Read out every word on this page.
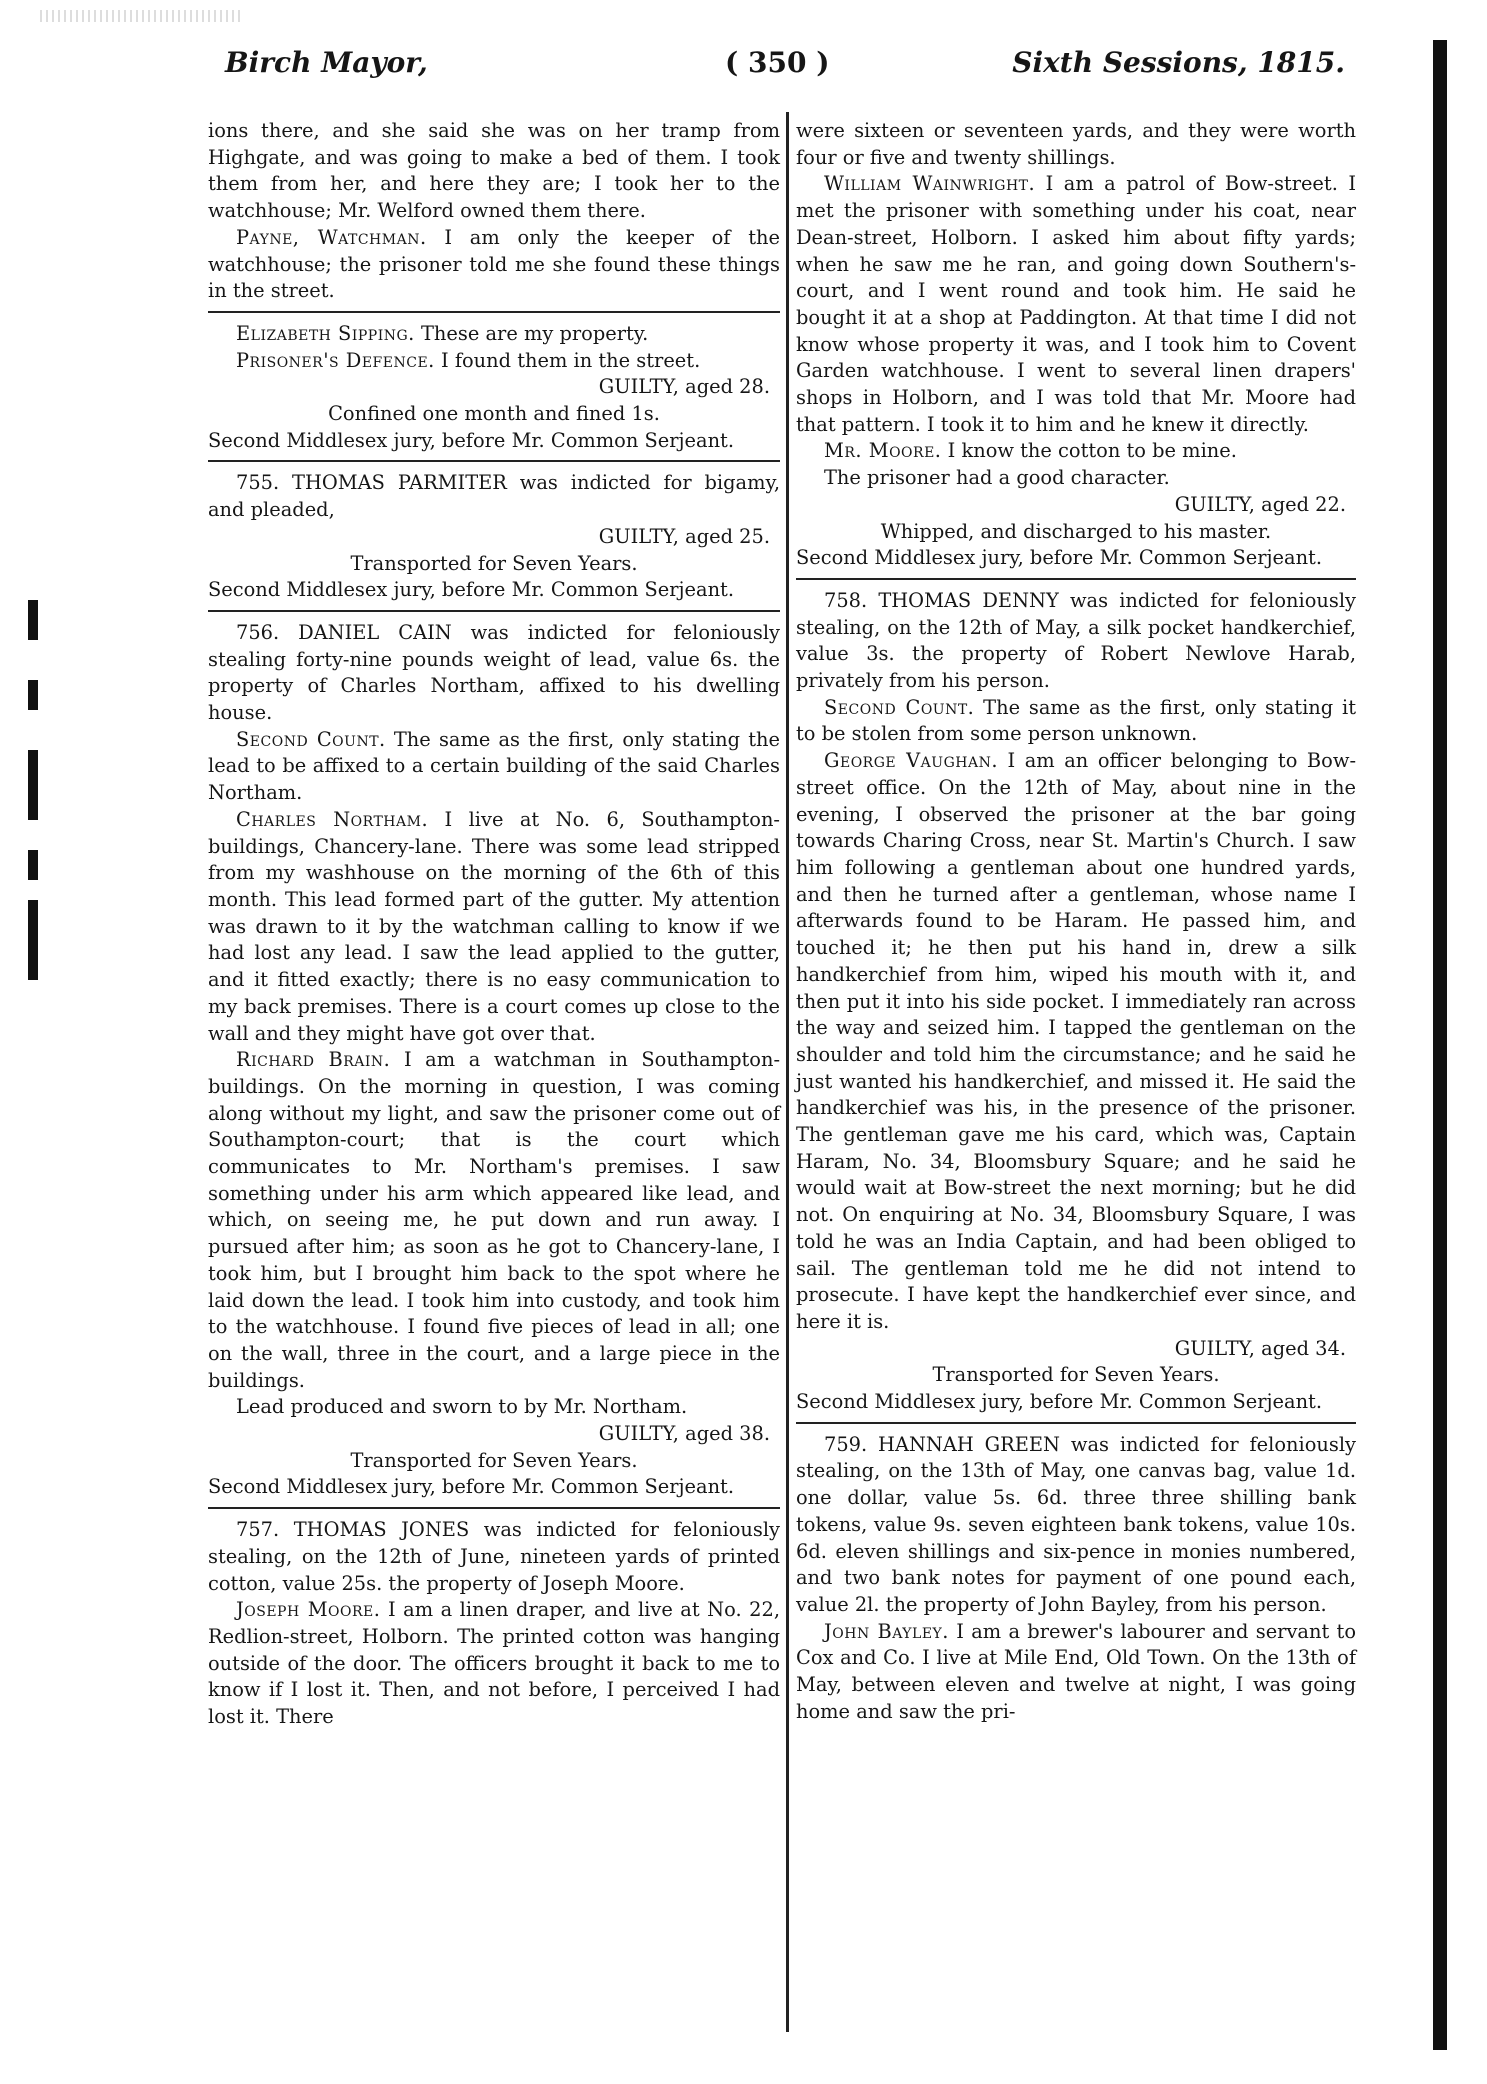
Birch Mayor,	( 350 )	Sixth Sessions, 1815.

ions there, and she said she was on her tramp from Highgate, and was going to make a bed of them. I took them from her, and here they are; I took her to the watchhouse; Mr. Welford owned them there.

Payne, Watchman. I am only the keeper of the watchhouse; the prisoner told me she found these things in the street.

Elizabeth Sipping. These are my property.

Prisoner's Defence. I found them in the street.

GUILTY, aged 28.

Confined one month and fined 1s.

Second Middlesex jury, before Mr. Common Serjeant.

755. THOMAS PARMITER was indicted for bigamy, and pleaded,

GUILTY, aged 25.

Transported for Seven Years.

Second Middlesex jury, before Mr. Common Serjeant.

756. DANIEL CAIN was indicted for feloniously stealing forty-nine pounds weight of lead, value 6s. the property of Charles Northam, affixed to his dwelling house.

Second Count. The same as the first, only stating the lead to be affixed to a certain building of the said Charles Northam.

Charles Northam. I live at No. 6, Southampton-buildings, Chancery-lane. There was some lead stripped from my washhouse on the morning of the 6th of this month. This lead formed part of the gutter. My attention was drawn to it by the watchman calling to know if we had lost any lead. I saw the lead applied to the gutter, and it fitted exactly; there is no easy communication to my back premises. There is a court comes up close to the wall and they might have got over that.

Richard Brain. I am a watchman in Southampton-buildings. On the morning in question, I was coming along without my light, and saw the prisoner come out of Southampton-court; that is the court which communicates to Mr. Northam's premises. I saw something under his arm which appeared like lead, and which, on seeing me, he put down and run away. I pursued after him; as soon as he got to Chancery-lane, I took him, but I brought him back to the spot where he laid down the lead. I took him into custody, and took him to the watchhouse. I found five pieces of lead in all; one on the wall, three in the court, and a large piece in the buildings.

Lead produced and sworn to by Mr. Northam.

GUILTY, aged 38.

Transported for Seven Years.

Second Middlesex jury, before Mr. Common Serjeant.

757. THOMAS JONES was indicted for feloniously stealing, on the 12th of June, nineteen yards of printed cotton, value 25s. the property of Joseph Moore.

Joseph Moore. I am a linen draper, and live at No. 22, Redlion-street, Holborn. The printed cotton was hanging outside of the door. The officers brought it back to me to know if I lost it. Then, and not before, I perceived I had lost it. There

were sixteen or seventeen yards, and they were worth four or five and twenty shillings.

William Wainwright. I am a patrol of Bow-street. I met the prisoner with something under his coat, near Dean-street, Holborn. I asked him about fifty yards; when he saw me he ran, and going down Southern's-court, and I went round and took him. He said he bought it at a shop at Paddington. At that time I did not know whose property it was, and I took him to Covent Garden watchhouse. I went to several linen drapers' shops in Holborn, and I was told that Mr. Moore had that pattern. I took it to him and he knew it directly.

Mr. Moore. I know the cotton to be mine.

The prisoner had a good character.

GUILTY, aged 22.

Whipped, and discharged to his master.

Second Middlesex jury, before Mr. Common Serjeant.

758. THOMAS DENNY was indicted for feloniously stealing, on the 12th of May, a silk pocket handkerchief, value 3s. the property of Robert Newlove Harab, privately from his person.

Second Count. The same as the first, only stating it to be stolen from some person unknown.

George Vaughan. I am an officer belonging to Bow-street office. On the 12th of May, about nine in the evening, I observed the prisoner at the bar going towards Charing Cross, near St. Martin's Church. I saw him following a gentleman about one hundred yards, and then he turned after a gentleman, whose name I afterwards found to be Haram. He passed him, and touched it; he then put his hand in, drew a silk handkerchief from him, wiped his mouth with it, and then put it into his side pocket. I immediately ran across the way and seized him. I tapped the gentleman on the shoulder and told him the circumstance; and he said he just wanted his handkerchief, and missed it. He said the handkerchief was his, in the presence of the prisoner. The gentleman gave me his card, which was, Captain Haram, No. 34, Bloomsbury Square; and he said he would wait at Bow-street the next morning; but he did not. On enquiring at No. 34, Bloomsbury Square, I was told he was an India Captain, and had been obliged to sail. The gentleman told me he did not intend to prosecute. I have kept the handkerchief ever since, and here it is.

GUILTY, aged 34.

Transported for Seven Years.

Second Middlesex jury, before Mr. Common Serjeant.

759. HANNAH GREEN was indicted for feloniously stealing, on the 13th of May, one canvas bag, value 1d. one dollar, value 5s. 6d. three three shilling bank tokens, value 9s. seven eighteen bank tokens, value 10s. 6d. eleven shillings and six-pence in monies numbered, and two bank notes for payment of one pound each, value 2l. the property of John Bayley, from his person.

John Bayley. I am a brewer's labourer and servant to Cox and Co. I live at Mile End, Old Town. On the 13th of May, between eleven and twelve at night, I was going home and saw the pri-
